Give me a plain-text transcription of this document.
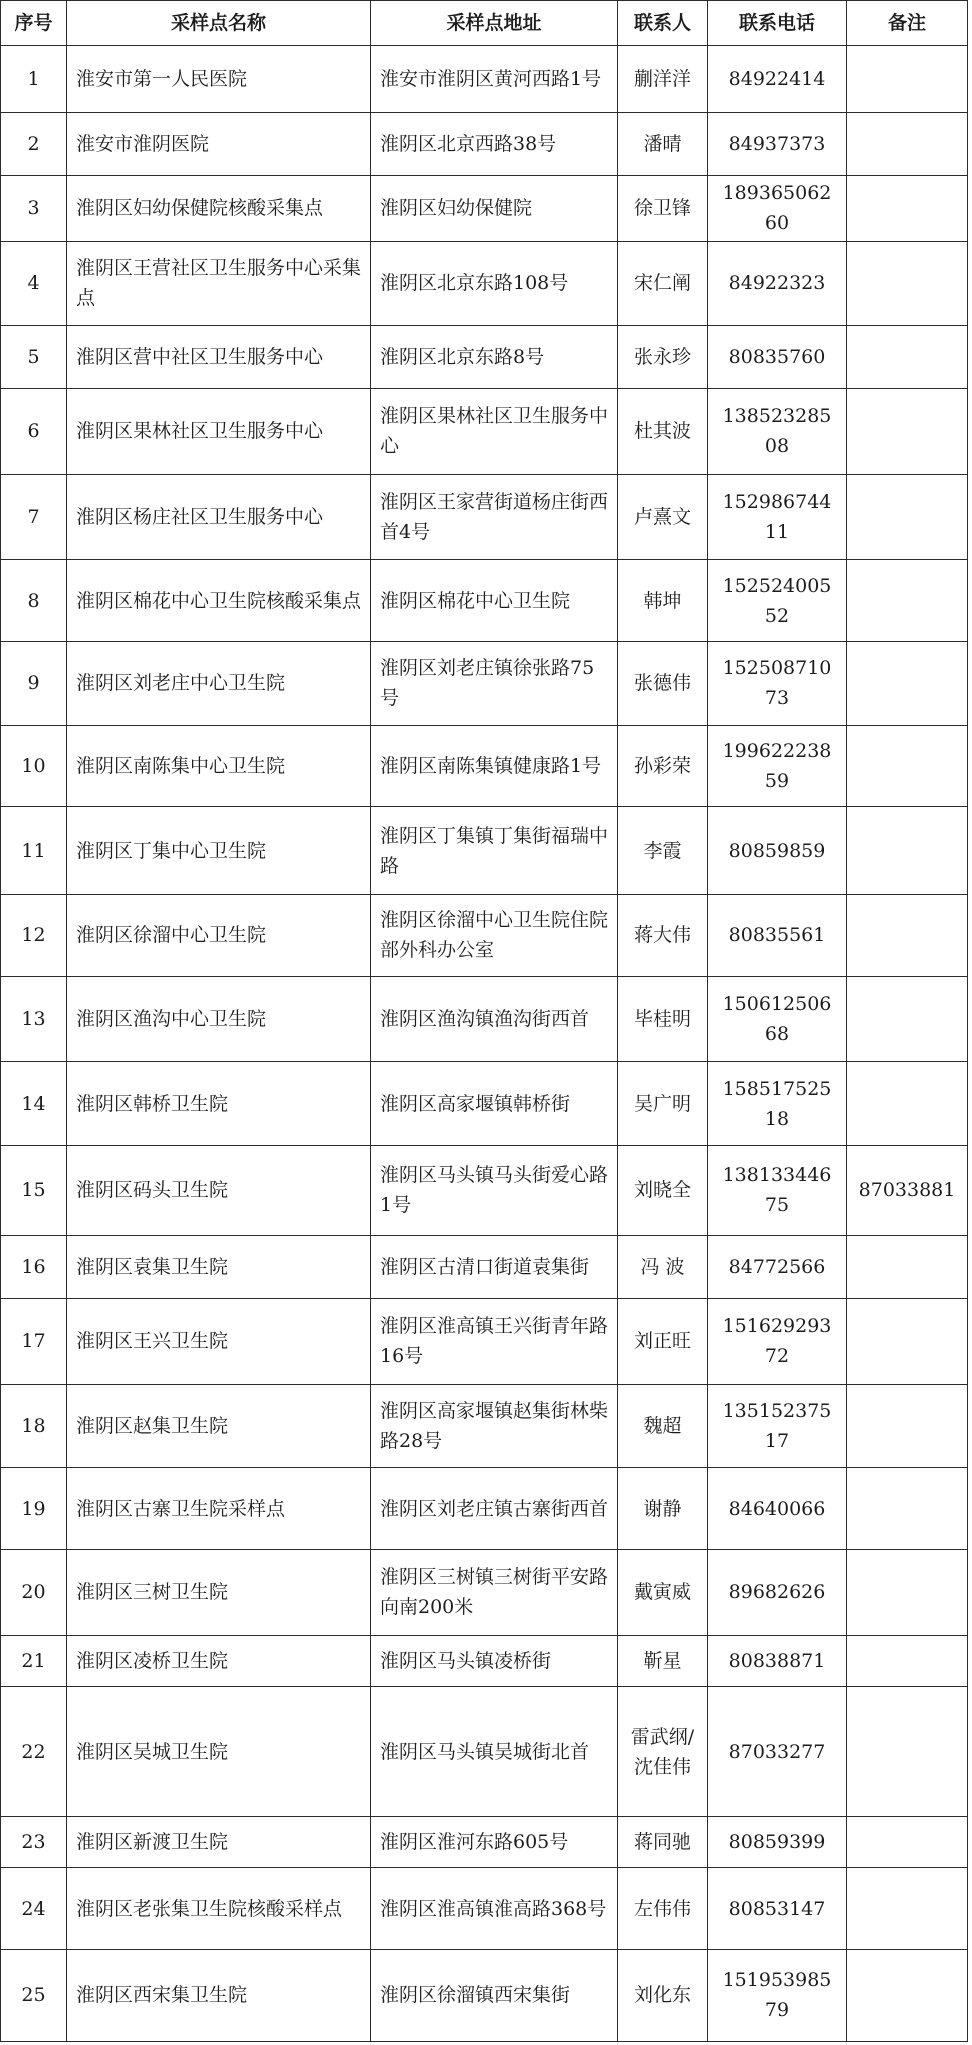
序号	采样点名称	采样点地址	联系人	联系电话	备注
1	淮安市第一人民医院	淮安市淮阴区黄河西路1号	蒯洋洋	84922414	
2	淮安市淮阴医院	淮阴区北京西路38号	潘晴	84937373	
3	淮阴区妇幼保健院核酸采集点	淮阴区妇幼保健院	徐卫锋	18936506260	
4	淮阴区王营社区卫生服务中心采集点	淮阴区北京东路108号	宋仁阐	84922323	
5	淮阴区营中社区卫生服务中心	淮阴区北京东路8号	张永珍	80835760	
6	淮阴区果林社区卫生服务中心	淮阴区果林社区卫生服务中心	杜其波	13852328508	
7	淮阴区杨庄社区卫生服务中心	淮阴区王家营街道杨庄街西首4号	卢熹文	15298674411	
8	淮阴区棉花中心卫生院核酸采集点	淮阴区棉花中心卫生院	韩坤	15252400552	
9	淮阴区刘老庄中心卫生院	淮阴区刘老庄镇徐张路75号	张德伟	15250871073	
10	淮阴区南陈集中心卫生院	淮阴区南陈集镇健康路1号	孙彩荣	19962223859	
11	淮阴区丁集中心卫生院	淮阴区丁集镇丁集街福瑞中路	李霞	80859859	
12	淮阴区徐溜中心卫生院	淮阴区徐溜中心卫生院住院部外科办公室	蒋大伟	80835561	
13	淮阴区渔沟中心卫生院	淮阴区渔沟镇渔沟街西首	毕桂明	15061250668	
14	淮阴区韩桥卫生院	淮阴区高家堰镇韩桥街	吴广明	15851752518	
15	淮阴区码头卫生院	淮阴区马头镇马头街爱心路1号	刘晓全	13813344675	87033881
16	淮阴区袁集卫生院	淮阴区古清口街道袁集街	冯 波	84772566	
17	淮阴区王兴卫生院	淮阴区淮高镇王兴街青年路16号	刘正旺	15162929372	
18	淮阴区赵集卫生院	淮阴区高家堰镇赵集街林柴路28号	魏超	13515237517	
19	淮阴区古寨卫生院采样点	淮阴区刘老庄镇古寨街西首	谢静	84640066	
20	淮阴区三树卫生院	淮阴区三树镇三树街平安路向南200米	戴寅威	89682626	
21	淮阴区凌桥卫生院	淮阴区马头镇凌桥街	靳星	80838871	
22	淮阴区吴城卫生院	淮阴区马头镇吴城街北首	雷武纲/沈佳伟	87033277	
23	淮阴区新渡卫生院	淮阴区淮河东路605号	蒋同驰	80859399	
24	淮阴区老张集卫生院核酸采样点	淮阴区淮高镇淮高路368号	左伟伟	80853147	
25	淮阴区西宋集卫生院	淮阴区徐溜镇西宋集街	刘化东	15195398579	
